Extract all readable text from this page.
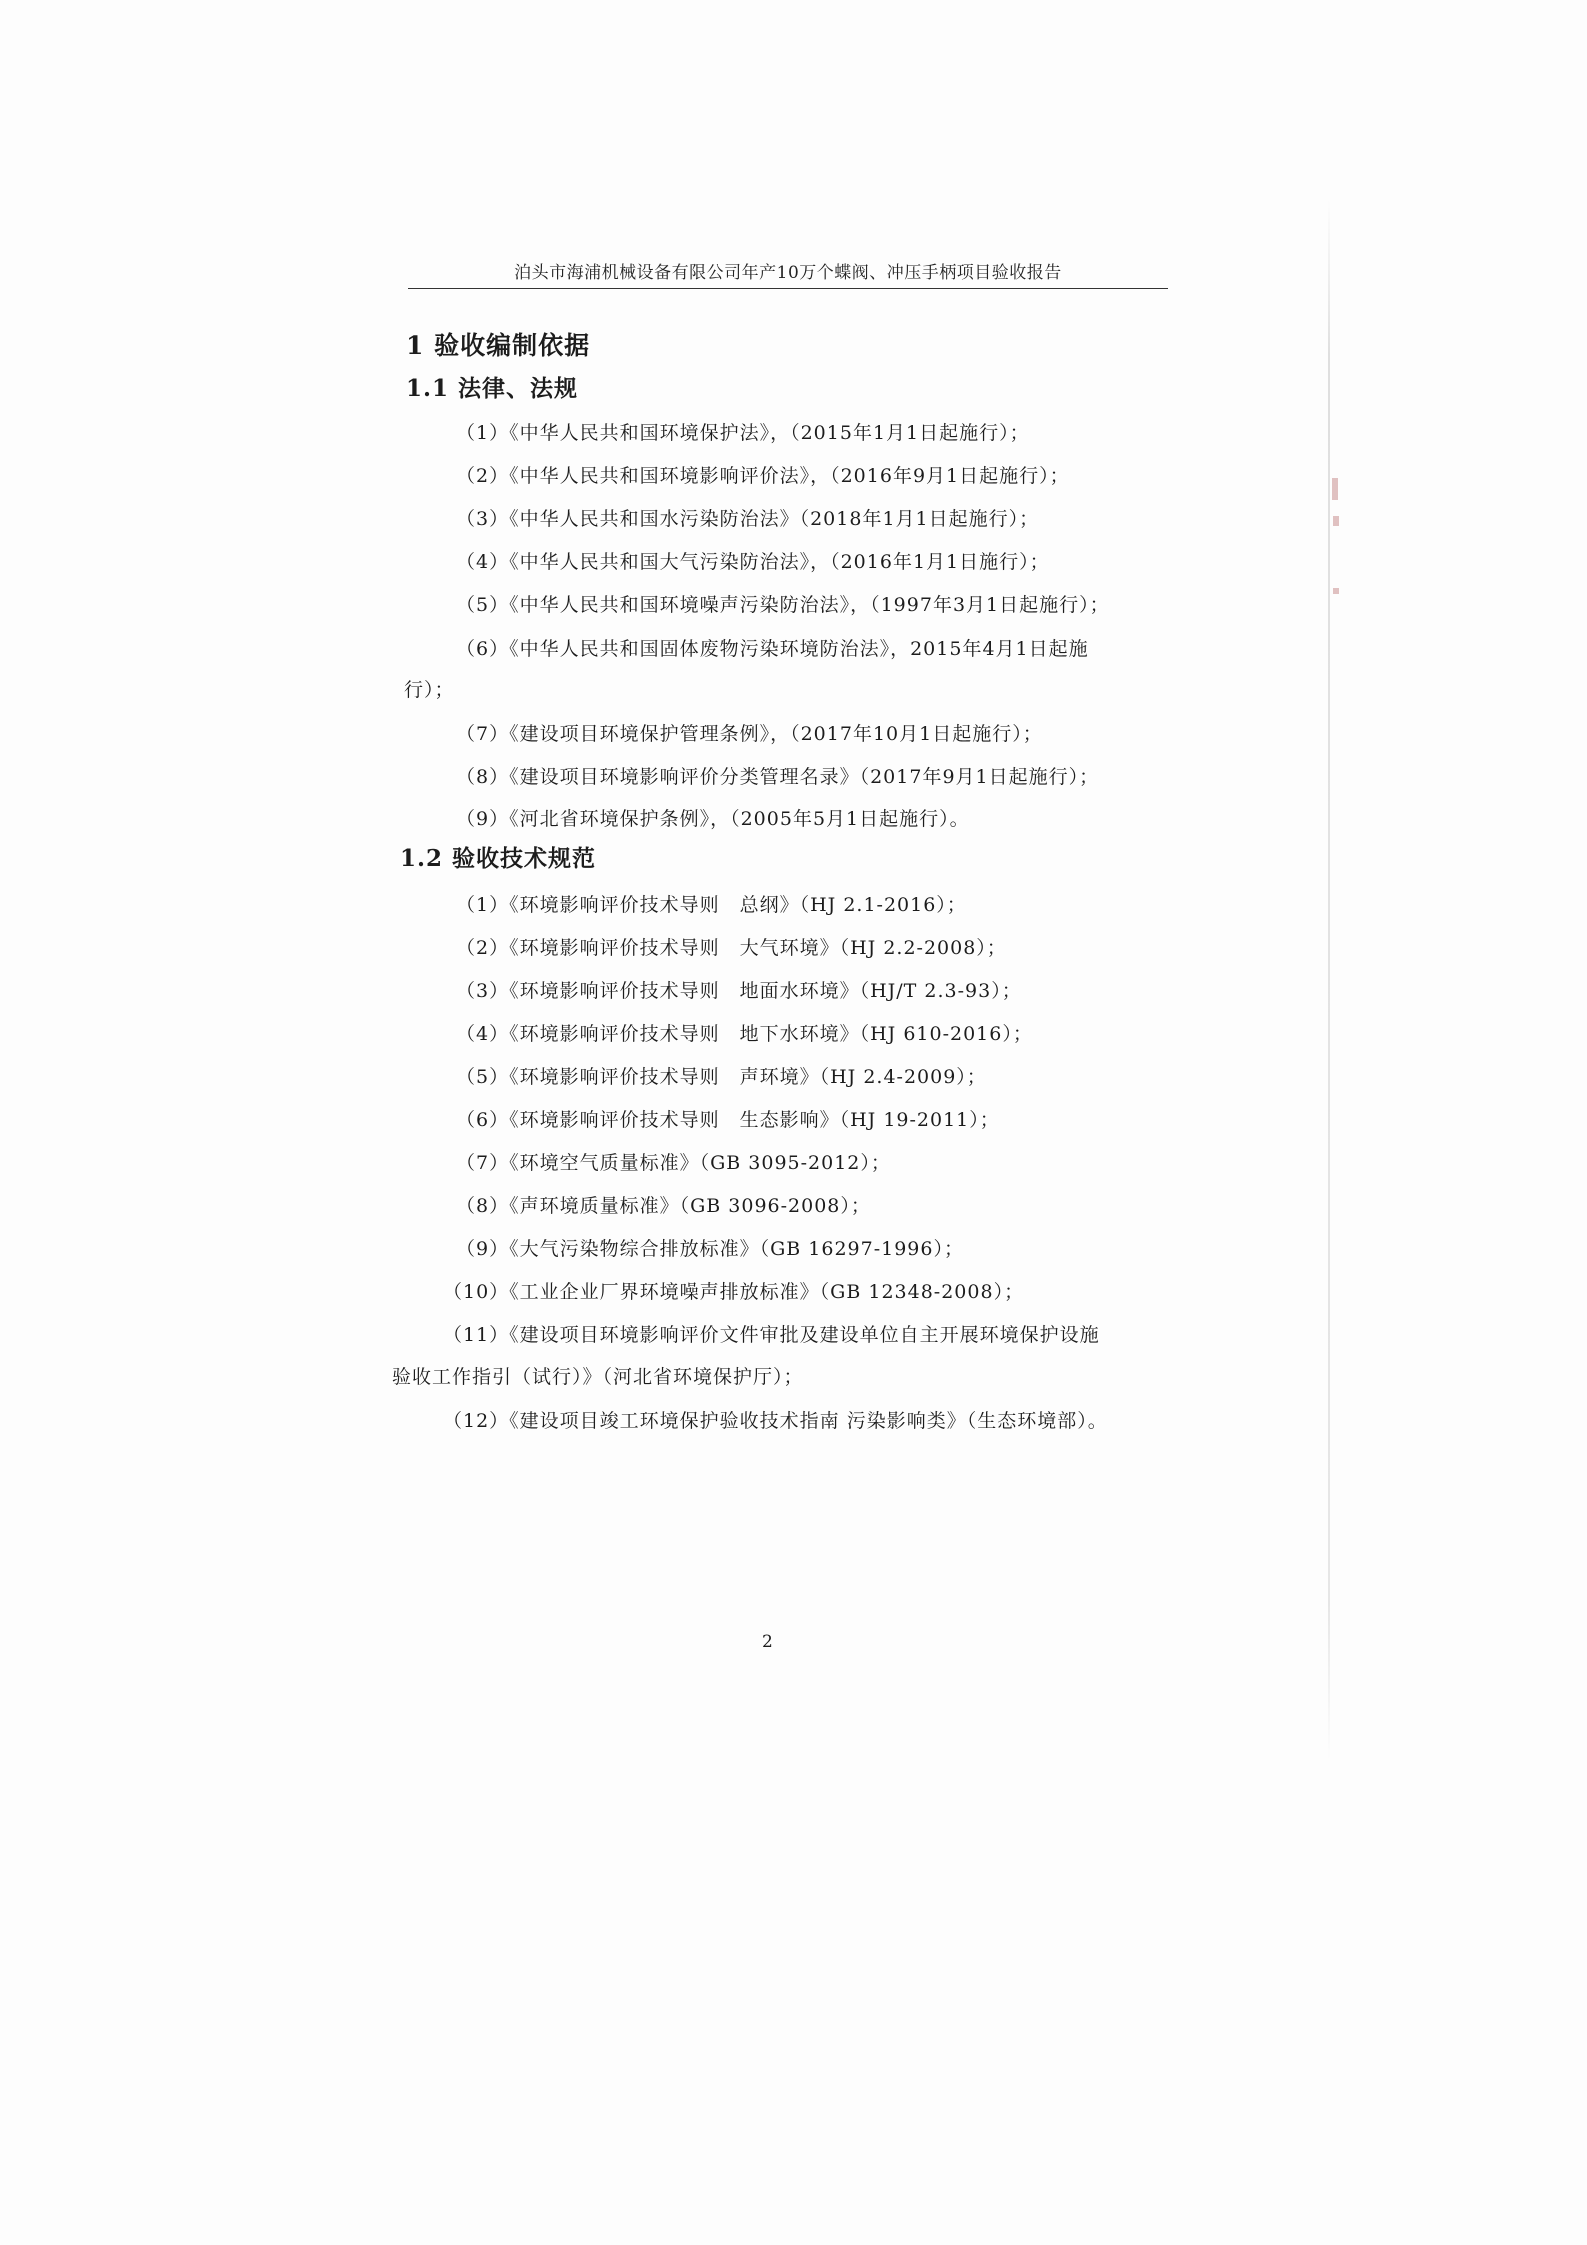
泊头市海浦机械设备有限公司年产10万个蝶阀、冲压手柄项目验收报告
1 验收编制依据
1.1 法律、法规
（1）《中华人民共和国环境保护法》，（2015年1月1日起施行）；
（2）《中华人民共和国环境影响评价法》，（2016年9月1日起施行）；
（3）《中华人民共和国水污染防治法》（2018年1月1日起施行）；
（4）《中华人民共和国大气污染防治法》，（2016年1月1日施行）；
（5）《中华人民共和国环境噪声污染防治法》，（1997年3月1日起施行）；
（6）《中华人民共和国固体废物污染环境防治法》，2015年4月1日起施
行）；
（7）《建设项目环境保护管理条例》，（2017年10月1日起施行）；
（8）《建设项目环境影响评价分类管理名录》（2017年9月1日起施行）；
（9）《河北省环境保护条例》，（2005年5月1日起施行）。
1.2 验收技术规范
（1）《环境影响评价技术导则　总纲》（HJ 2.1-2016）；
（2）《环境影响评价技术导则　大气环境》（HJ 2.2-2008）；
（3）《环境影响评价技术导则　地面水环境》（HJ/T 2.3-93）；
（4）《环境影响评价技术导则　地下水环境》（HJ 610-2016）；
（5）《环境影响评价技术导则　声环境》（HJ 2.4-2009）；
（6）《环境影响评价技术导则　生态影响》（HJ 19-2011）；
（7）《环境空气质量标准》（GB 3095-2012）；
（8）《声环境质量标准》（GB 3096-2008）；
（9）《大气污染物综合排放标准》（GB 16297-1996）；
（10）《工业企业厂界环境噪声排放标准》（GB 12348-2008）；
（11）《建设项目环境影响评价文件审批及建设单位自主开展环境保护设施
验收工作指引（试行）》（河北省环境保护厅）；
（12）《建设项目竣工环境保护验收技术指南 污染影响类》（生态环境部）。
2
